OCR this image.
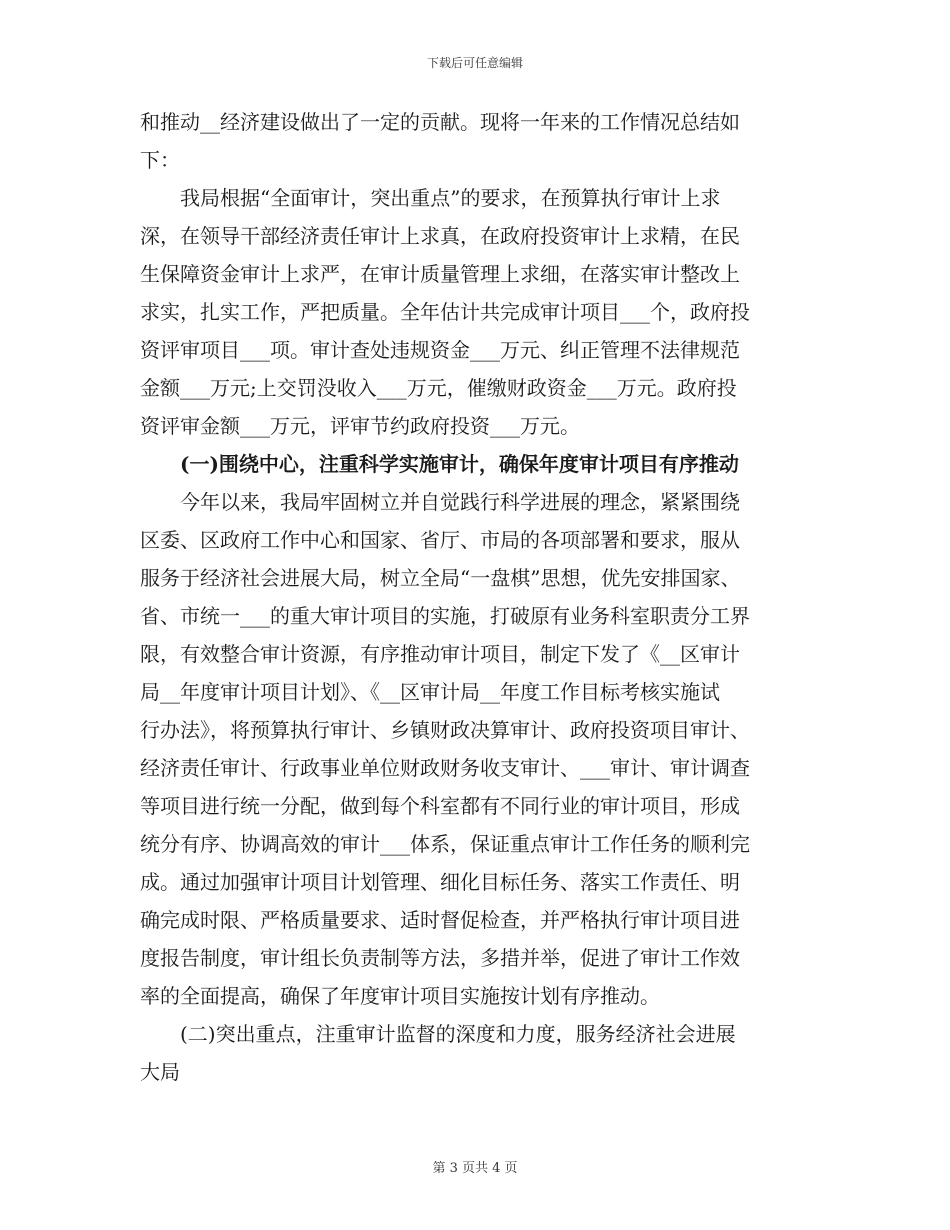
下载后可任意编辑
和推动__经济建设做出了一定的贡献。现将一年来的工作情况总结如
下：
　　我局根据“全面审计，突出重点”的要求，在预算执行审计上求
深，在领导干部经济责任审计上求真，在政府投资审计上求精，在民
生保障资金审计上求严，在审计质量管理上求细，在落实审计整改上
求实，扎实工作，严把质量。全年估计共完成审计项目___个，政府投
资评审项目___项。审计查处违规资金___万元、纠正管理不法律规范
金额___万元;上交罚没收入___万元，催缴财政资金___万元。政府投
资评审金额___万元，评审节约政府投资___万元。
　　(一)围绕中心，注重科学实施审计，确保年度审计项目有序推动
　　今年以来，我局牢固树立并自觉践行科学进展的理念，紧紧围绕
区委、区政府工作中心和国家、省厅、市局的各项部署和要求，服从
服务于经济社会进展大局，树立全局“一盘棋”思想，优先安排国家、
省、市统一___的重大审计项目的实施，打破原有业务科室职责分工界
限，有效整合审计资源，有序推动审计项目，制定下发了《__区审计
局__年度审计项目计划》、《__区审计局__年度工作目标考核实施试
行办法》，将预算执行审计、乡镇财政决算审计、政府投资项目审计、
经济责任审计、行政事业单位财政财务收支审计、___审计、审计调查
等项目进行统一分配，做到每个科室都有不同行业的审计项目，形成
统分有序、协调高效的审计___体系，保证重点审计工作任务的顺利完
成。通过加强审计项目计划管理、细化目标任务、落实工作责任、明
确完成时限、严格质量要求、适时督促检查，并严格执行审计项目进
度报告制度，审计组长负责制等方法，多措并举，促进了审计工作效
率的全面提高，确保了年度审计项目实施按计划有序推动。
　　(二)突出重点，注重审计监督的深度和力度，服务经济社会进展
大局
第 3 页共 4 页
